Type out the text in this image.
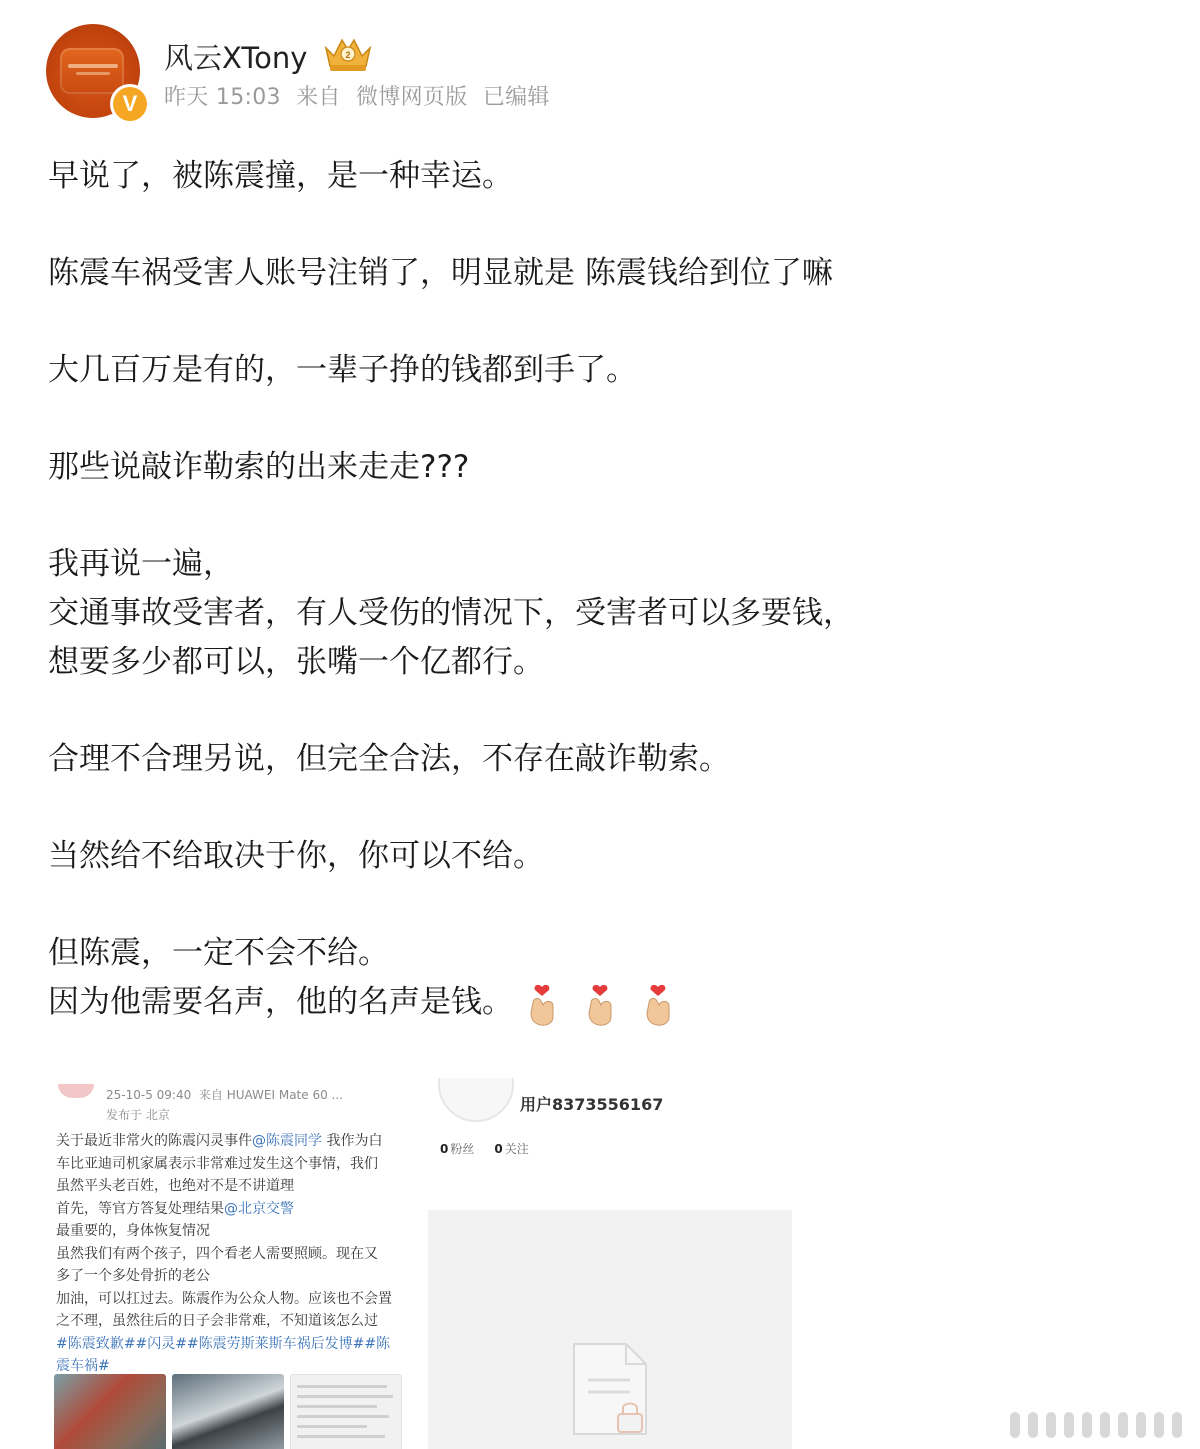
V
风云XTony	2
昨天 15:03 来自 微博网页版 已编辑

早说了，被陈震撞，是一种幸运。

陈震车祸受害人账号注销了，明显就是 陈震钱给到位了嘛

大几百万是有的，一辈子挣的钱都到手了。

那些说敲诈勒索的出来走走???

我再说一遍，
交通事故受害者，有人受伤的情况下，受害者可以多要钱，
想要多少都可以，张嘴一个亿都行。

合理不合理另说，但完全合法，不存在敲诈勒索。

当然给不给取决于你，你可以不给。

但陈震，一定不会不给。
因为他需要名声，他的名声是钱。

25-10-5 09:40 来自 HUAWEI Mate 60 ...
发布于 北京
关于最近非常火的陈震闪灵事件@陈震同学 我作为白
车比亚迪司机家属表示非常难过发生这个事情，我们
虽然平头老百姓，也绝对不是不讲道理
首先，等官方答复处理结果@北京交警
最重要的，身体恢复情况
虽然我们有两个孩子，四个看老人需要照顾。现在又
多了一个多处骨折的老公
加油，可以扛过去。陈震作为公众人物。应该也不会置
之不理，虽然往后的日子会非常难，不知道该怎么过
#陈震致歉##闪灵##陈震劳斯莱斯车祸后发博##陈
震车祸#
用户8373556167
0 粉丝 0 关注
